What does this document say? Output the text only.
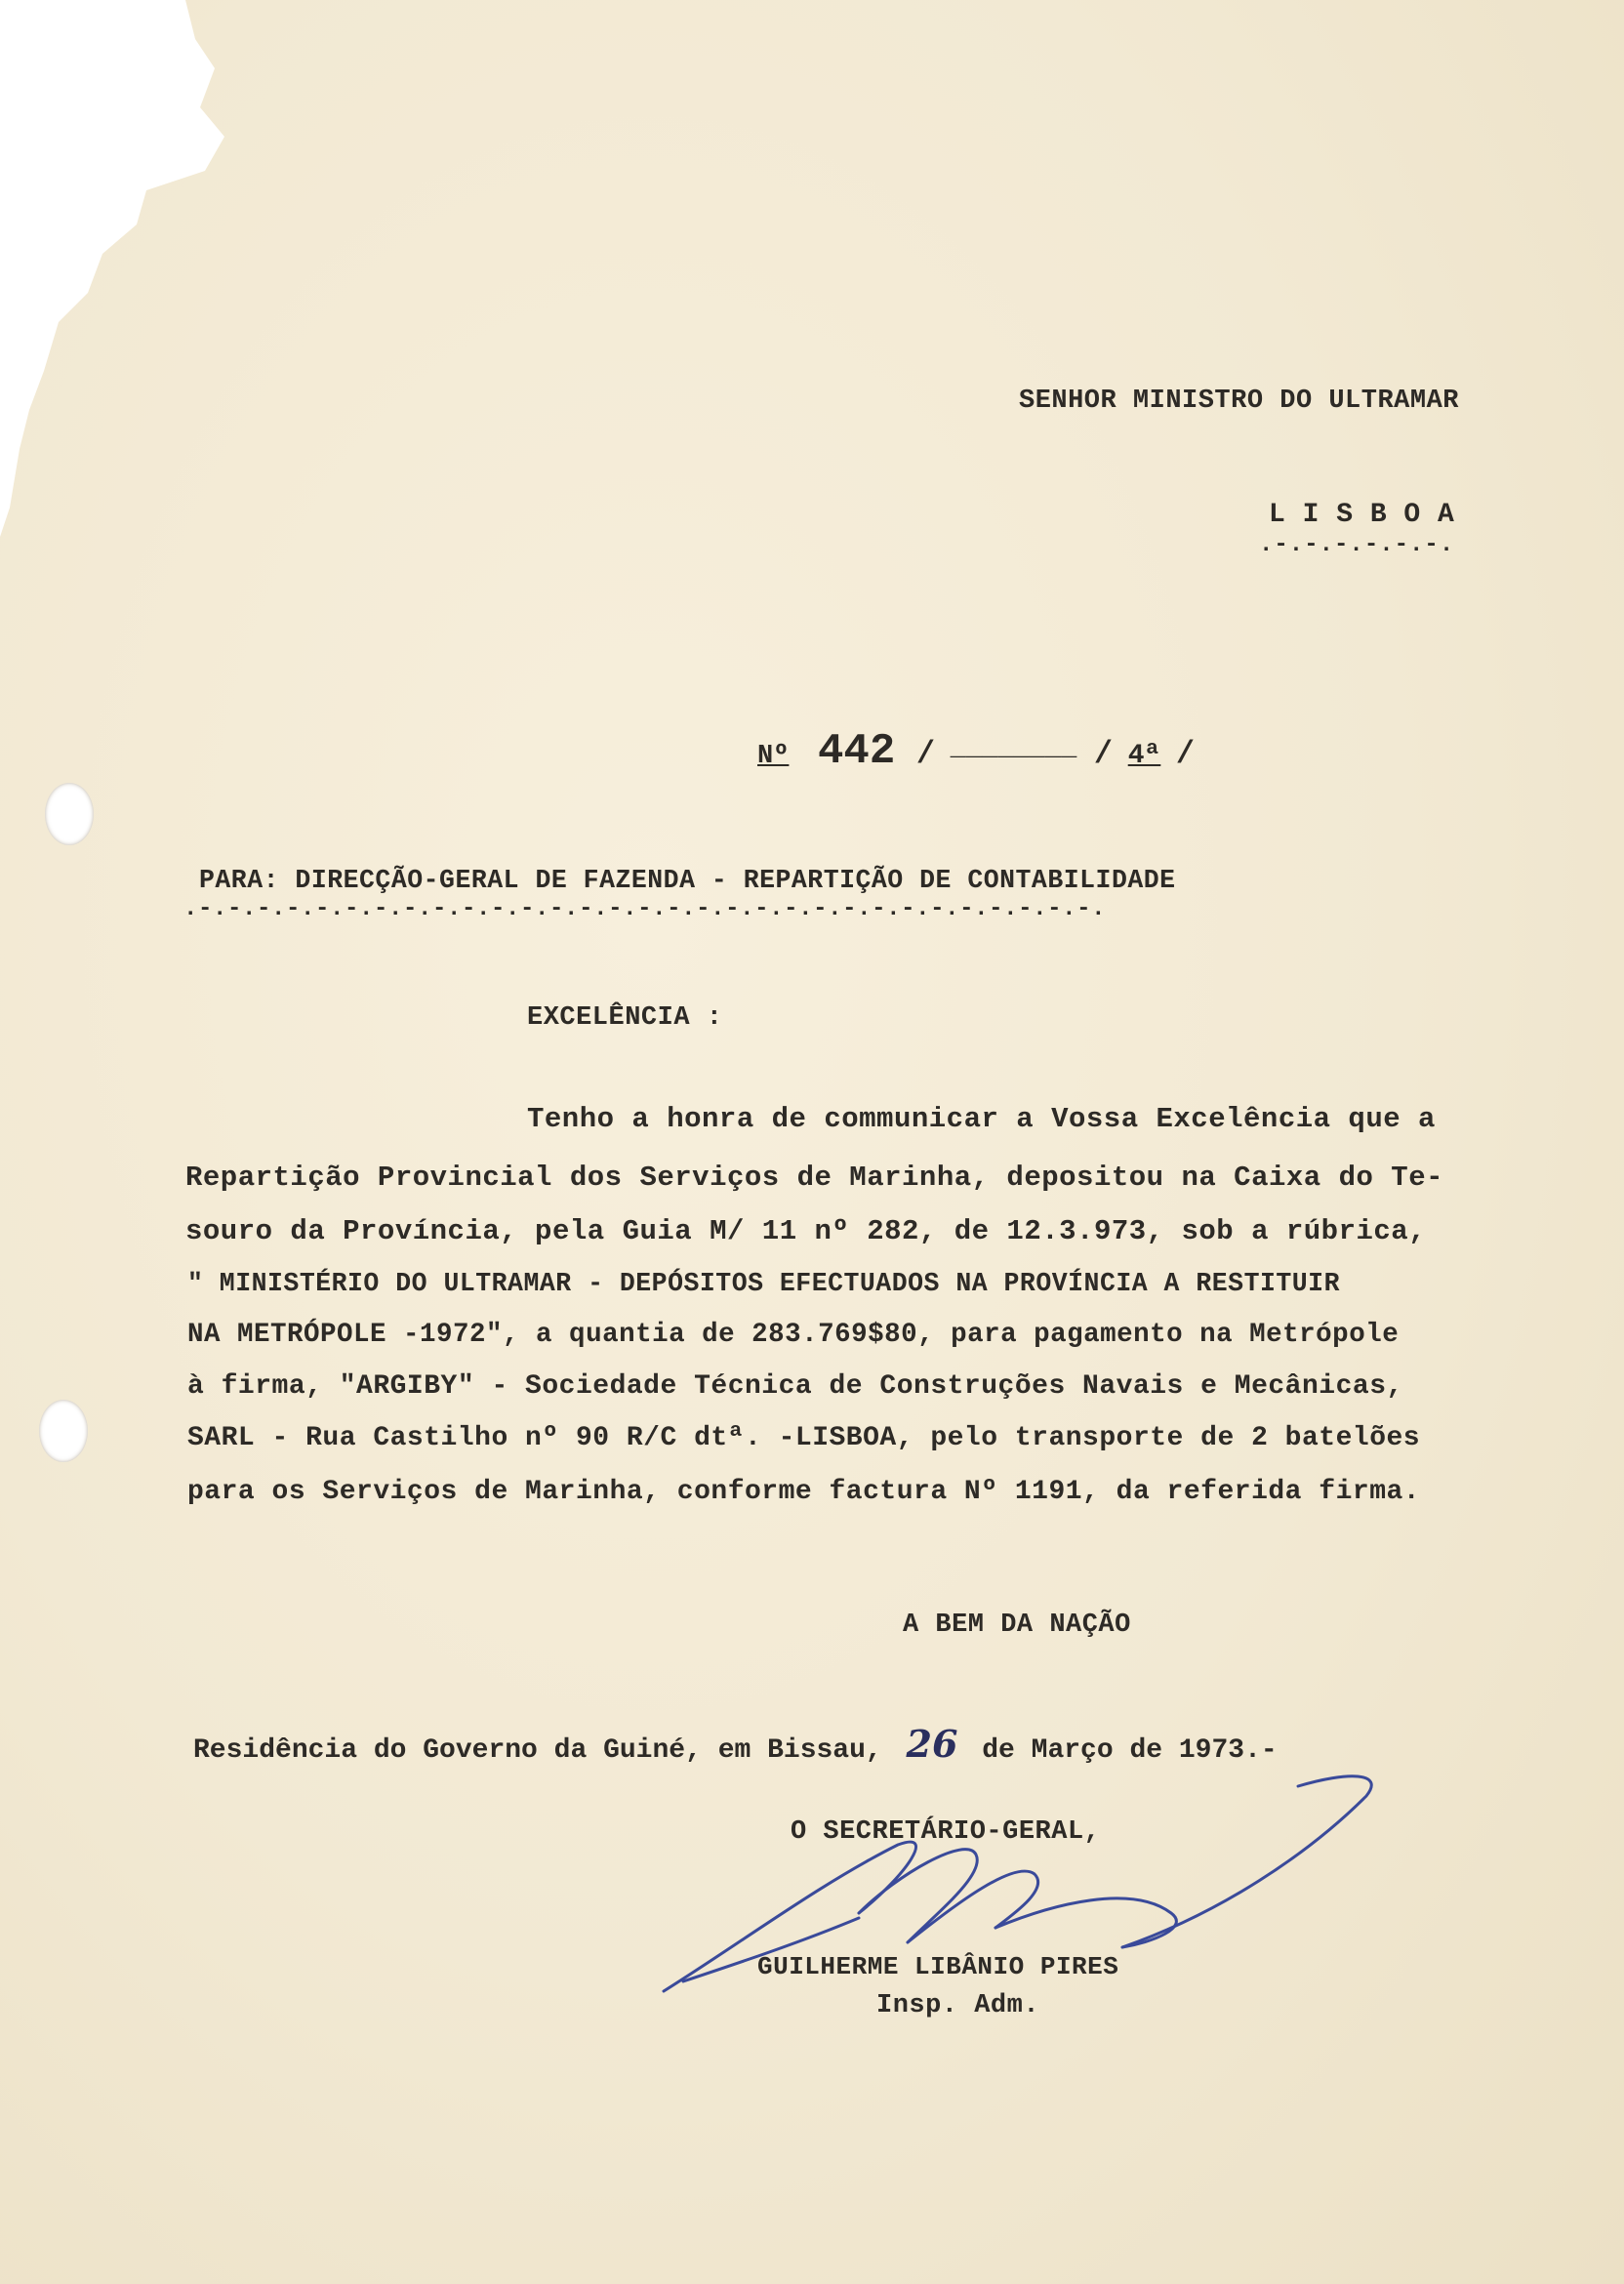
SENHOR MINISTRO DO ULTRAMAR
L I S B O A
.-.-.-.-.-.-.
Nº 442 / ________ / 4ª /
PARA: DIRECÇÃO-GERAL DE FAZENDA - REPARTIÇÃO DE CONTABILIDADE
.-.-.-.-.-.-.-.-.-.-.-.-.-.-.-.-.-.-.-.-.-.-.-.-.-.-.-.-.-.-.-.
EXCELÊNCIA :
Tenho a honra de communicar a Vossa Excelência que a
Repartição Provincial dos Serviços de Marinha, depositou na Caixa do Te-
souro da Província, pela Guia M/ 11 nº 282, de 12.3.973, sob a rúbrica,
" MINISTÉRIO DO ULTRAMAR - DEPÓSITOS EFECTUADOS NA PROVÍNCIA A RESTITUIR
NA METRÓPOLE -1972", a quantia de 283.769$80, para pagamento na Metrópole
à firma, "ARGIBY" - Sociedade Técnica de Construções Navais e Mecânicas,
SARL - Rua Castilho nº 90 R/C dtª. -LISBOA, pelo transporte de 2 batelões
para os Serviços de Marinha, conforme factura Nº 1191, da referida firma.
A BEM DA NAÇÃO
Residência do Governo da Guiné, em Bissau, 26 de Março de 1973.-
O SECRETÁRIO-GERAL,
GUILHERME LIBÂNIO PIRES
Insp. Adm.
